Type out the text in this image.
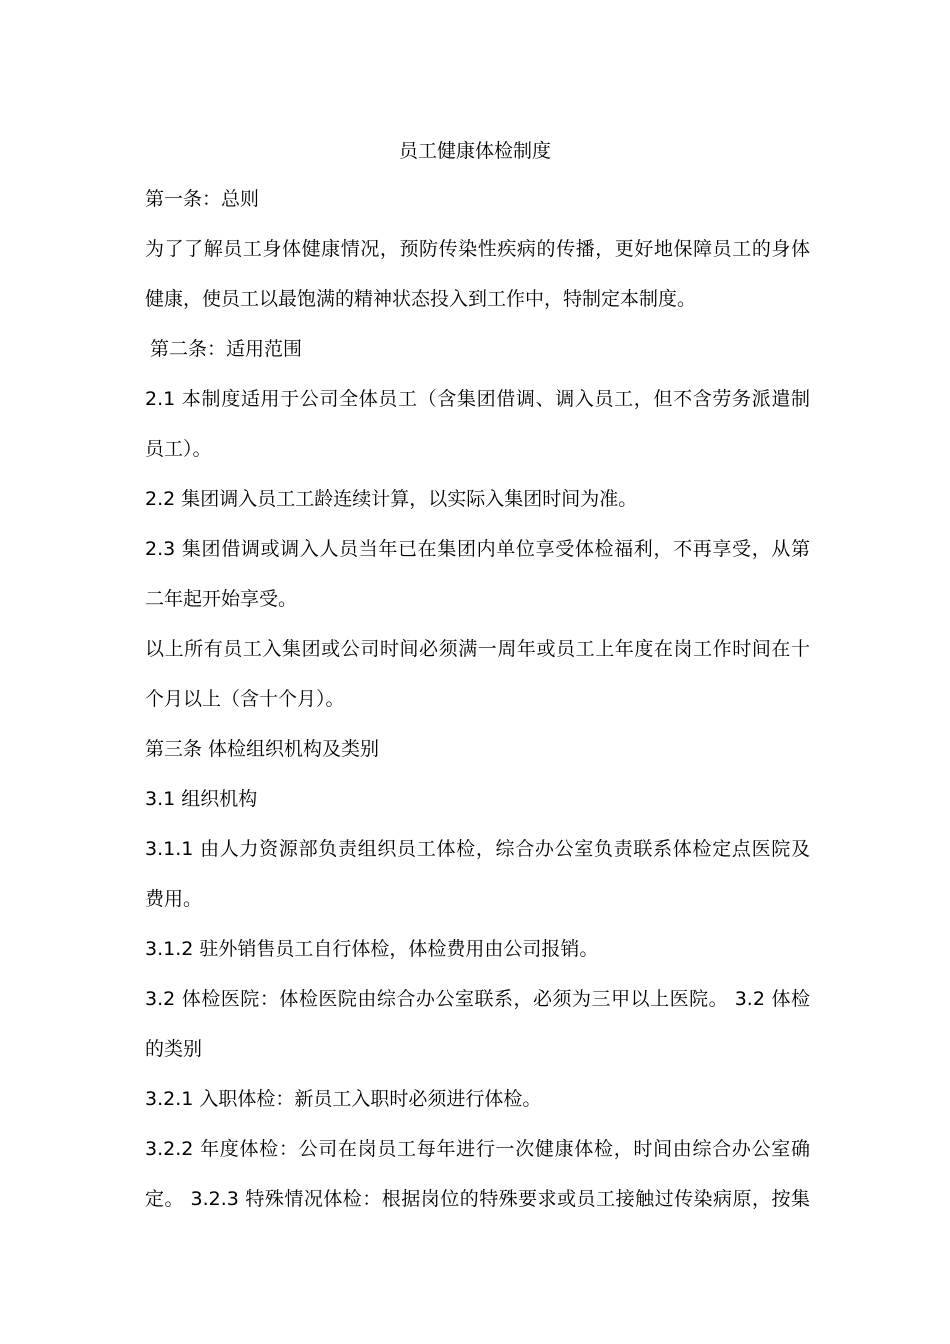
员工健康体检制度
第一条：总则
为了了解员工身体健康情况，预防传染性疾病的传播，更好地保障员工的身体
健康，使员工以最饱满的精神状态投入到工作中，特制定本制度。
第二条：适用范围
2.1 本制度适用于公司全体员工（含集团借调、调入员工，但不含劳务派遣制
员工）。
2.2 集团调入员工工龄连续计算，以实际入集团时间为准。
2.3 集团借调或调入人员当年已在集团内单位享受体检福利，不再享受，从第
二年起开始享受。
以上所有员工入集团或公司时间必须满一周年或员工上年度在岗工作时间在十
个月以上（含十个月）。
第三条 体检组织机构及类别
3.1 组织机构
3.1.1 由人力资源部负责组织员工体检，综合办公室负责联系体检定点医院及
费用。
3.1.2 驻外销售员工自行体检，体检费用由公司报销。
3.2 体检医院：体检医院由综合办公室联系，必须为三甲以上医院。 3.2 体检
的类别
3.2.1 入职体检：新员工入职时必须进行体检。
3.2.2 年度体检：公司在岗员工每年进行一次健康体检，时间由综合办公室确
定。 3.2.3 特殊情况体检：根据岗位的特殊要求或员工接触过传染病原，按集
